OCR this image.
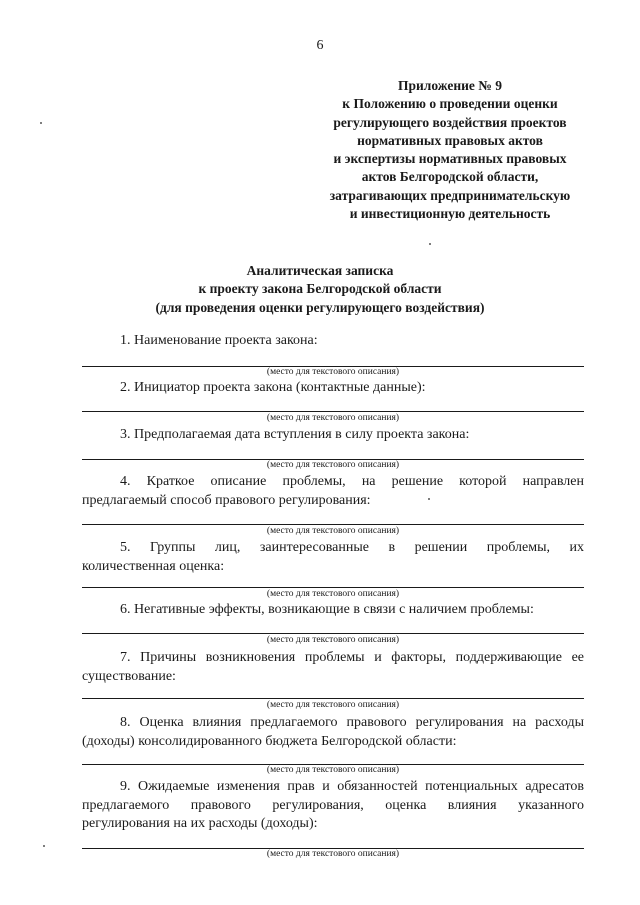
6
Приложение № 9
к Положению о проведении оценки
регулирующего воздействия проектов
нормативных правовых актов
и экспертизы нормативных правовых
актов Белгородской области,
затрагивающих предпринимательскую
и инвестиционную деятельность
Аналитическая записка
к проекту закона Белгородской области
(для проведения оценки регулирующего воздействия)
1. Наименование проекта закона:
(место для текстового описания)
2. Инициатор проекта закона (контактные данные):
(место для текстового описания)
3. Предполагаемая дата вступления в силу проекта закона:
(место для текстового описания)
4. Краткое описание проблемы, на решение которой направлен
предлагаемый способ правового регулирования:
(место для текстового описания)
5. Группы лиц, заинтересованные в решении проблемы, их
количественная оценка:
(место для текстового описания)
6. Негативные эффекты, возникающие в связи с наличием проблемы:
(место для текстового описания)
7. Причины возникновения проблемы и факторы, поддерживающие ее
существование:
(место для текстового описания)
8. Оценка влияния предлагаемого правового регулирования на расходы
(доходы) консолидированного бюджета Белгородской области:
(место для текстового описания)
9. Ожидаемые изменения прав и обязанностей потенциальных адресатов
предлагаемого правового регулирования, оценка влияния указанного
регулирования на их расходы (доходы):
(место для текстового описания)
